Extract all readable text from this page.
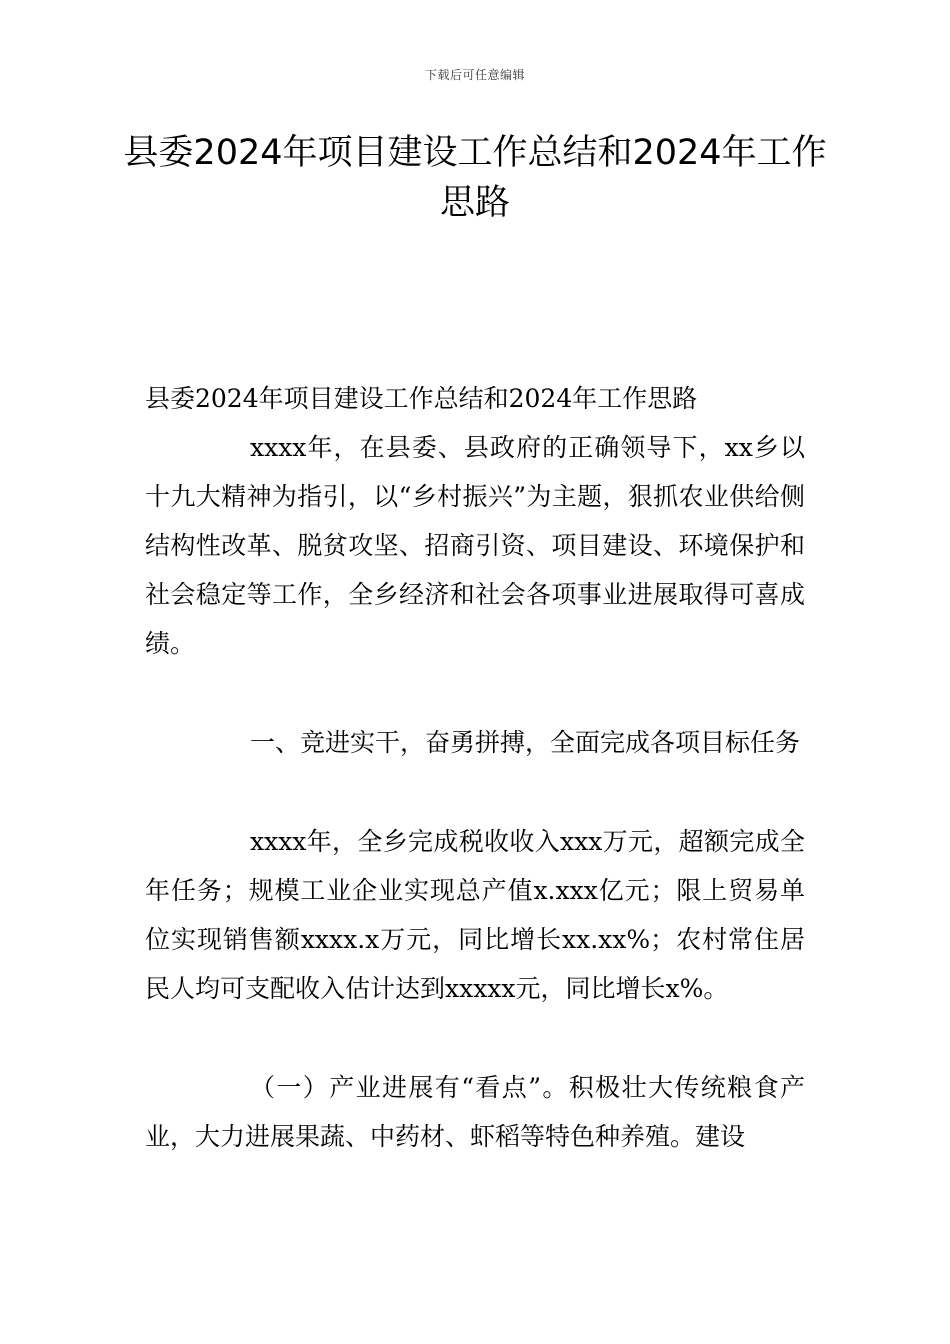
下载后可任意编辑
县委2024年项目建设工作总结和2024年工作思路

县委2024年项目建设工作总结和2024年工作思路

xxxx年，在县委、县政府的正确领导下，xx乡以十九大精神为指引，以“乡村振兴”为主题，狠抓农业供给侧结构性改革、脱贫攻坚、招商引资、项目建设、环境保护和社会稳定等工作，全乡经济和社会各项事业进展取得可喜成绩。

一、竞进实干，奋勇拼搏，全面完成各项目标任务

xxxx年，全乡完成税收收入xxx万元，超额完成全年任务；规模工业企业实现总产值x.xxx亿元；限上贸易单位实现销售额xxxx.x万元，同比增长xx.xx%；农村常住居民人均可支配收入估计达到xxxxx元，同比增长x%。

（一）产业进展有“看点”。积极壮大传统粮食产业，大力进展果蔬、中药材、虾稻等特色种养殖。建设
